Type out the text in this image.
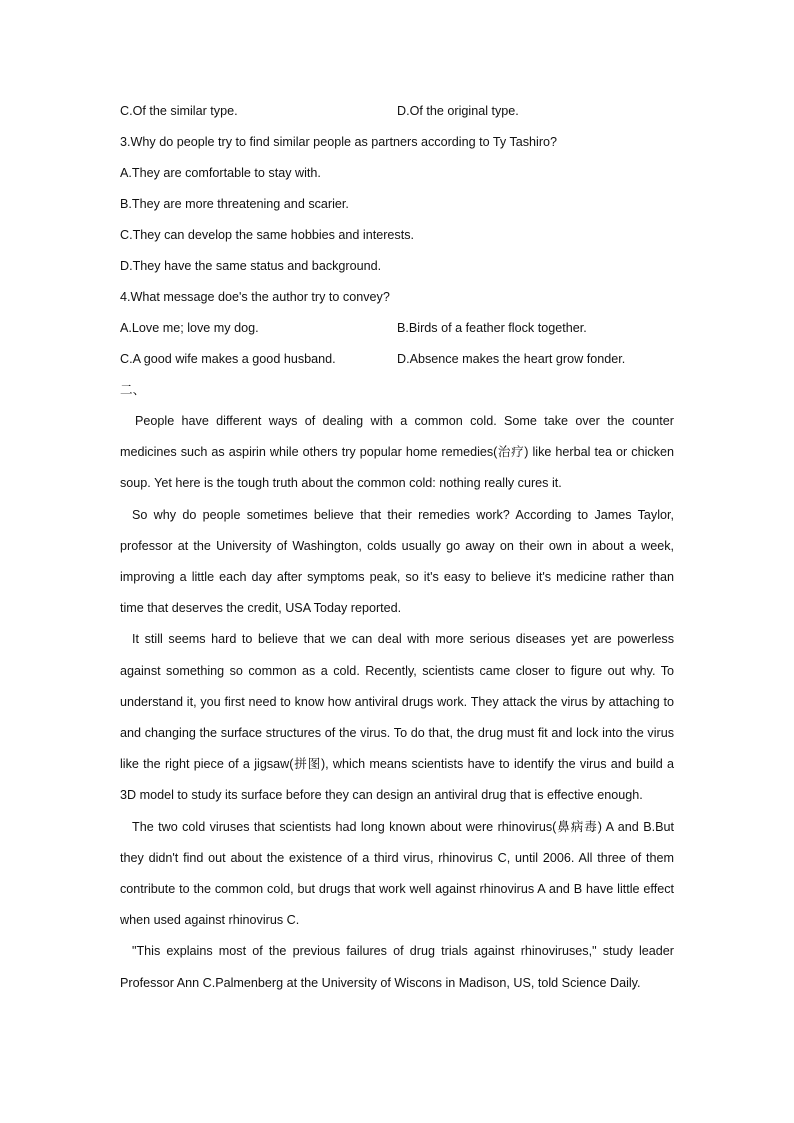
C.Of the similar type.	D.Of the original type.
3.Why do people try to find similar people as partners according to Ty Tashiro?
A.They are comfortable to stay with.
B.They are more threatening and scarier.
C.They can develop the same hobbies and interests.
D.They have the same status and background.
4.What message doe's the author try to convey?
A.Love me; love my dog.	B.Birds of a feather flock together.
C.A good wife makes a good husband.	D.Absence makes the heart grow fonder.
二、

People have different ways of dealing with a common cold. Some take over the counter medicines such as aspirin while others try popular home remedies(治疗) like herbal tea or chicken soup. Yet here is the tough truth about the common cold: nothing really cures it.

So why do people sometimes believe that their remedies work? According to James Taylor, professor at the University of Washington, colds usually go away on their own in about a week, improving a little each day after symptoms peak, so it's easy to believe it's medicine rather than time that deserves the credit, USA Today reported.

It still seems hard to believe that we can deal with more serious diseases yet are powerless against something so common as a cold. Recently, scientists came closer to figure out why. To understand it, you first need to know how antiviral drugs work. They attack the virus by attaching to and changing the surface structures of the virus. To do that, the drug must fit and lock into the virus like the right piece of a jigsaw(拼图), which means scientists have to identify the virus and build a 3D model to study its surface before they can design an antiviral drug that is effective enough.

The two cold viruses that scientists had long known about were rhinovirus(鼻病毒) A and B.But they didn't find out about the existence of a third virus, rhinovirus C, until 2006. All three of them contribute to the common cold, but drugs that work well against rhinovirus A and B have little effect when used against rhinovirus C.

"This explains most of the previous failures of drug trials against rhinoviruses," study leader Professor Ann C.Palmenberg at the University of Wiscons in Madison, US, told Science Daily.
